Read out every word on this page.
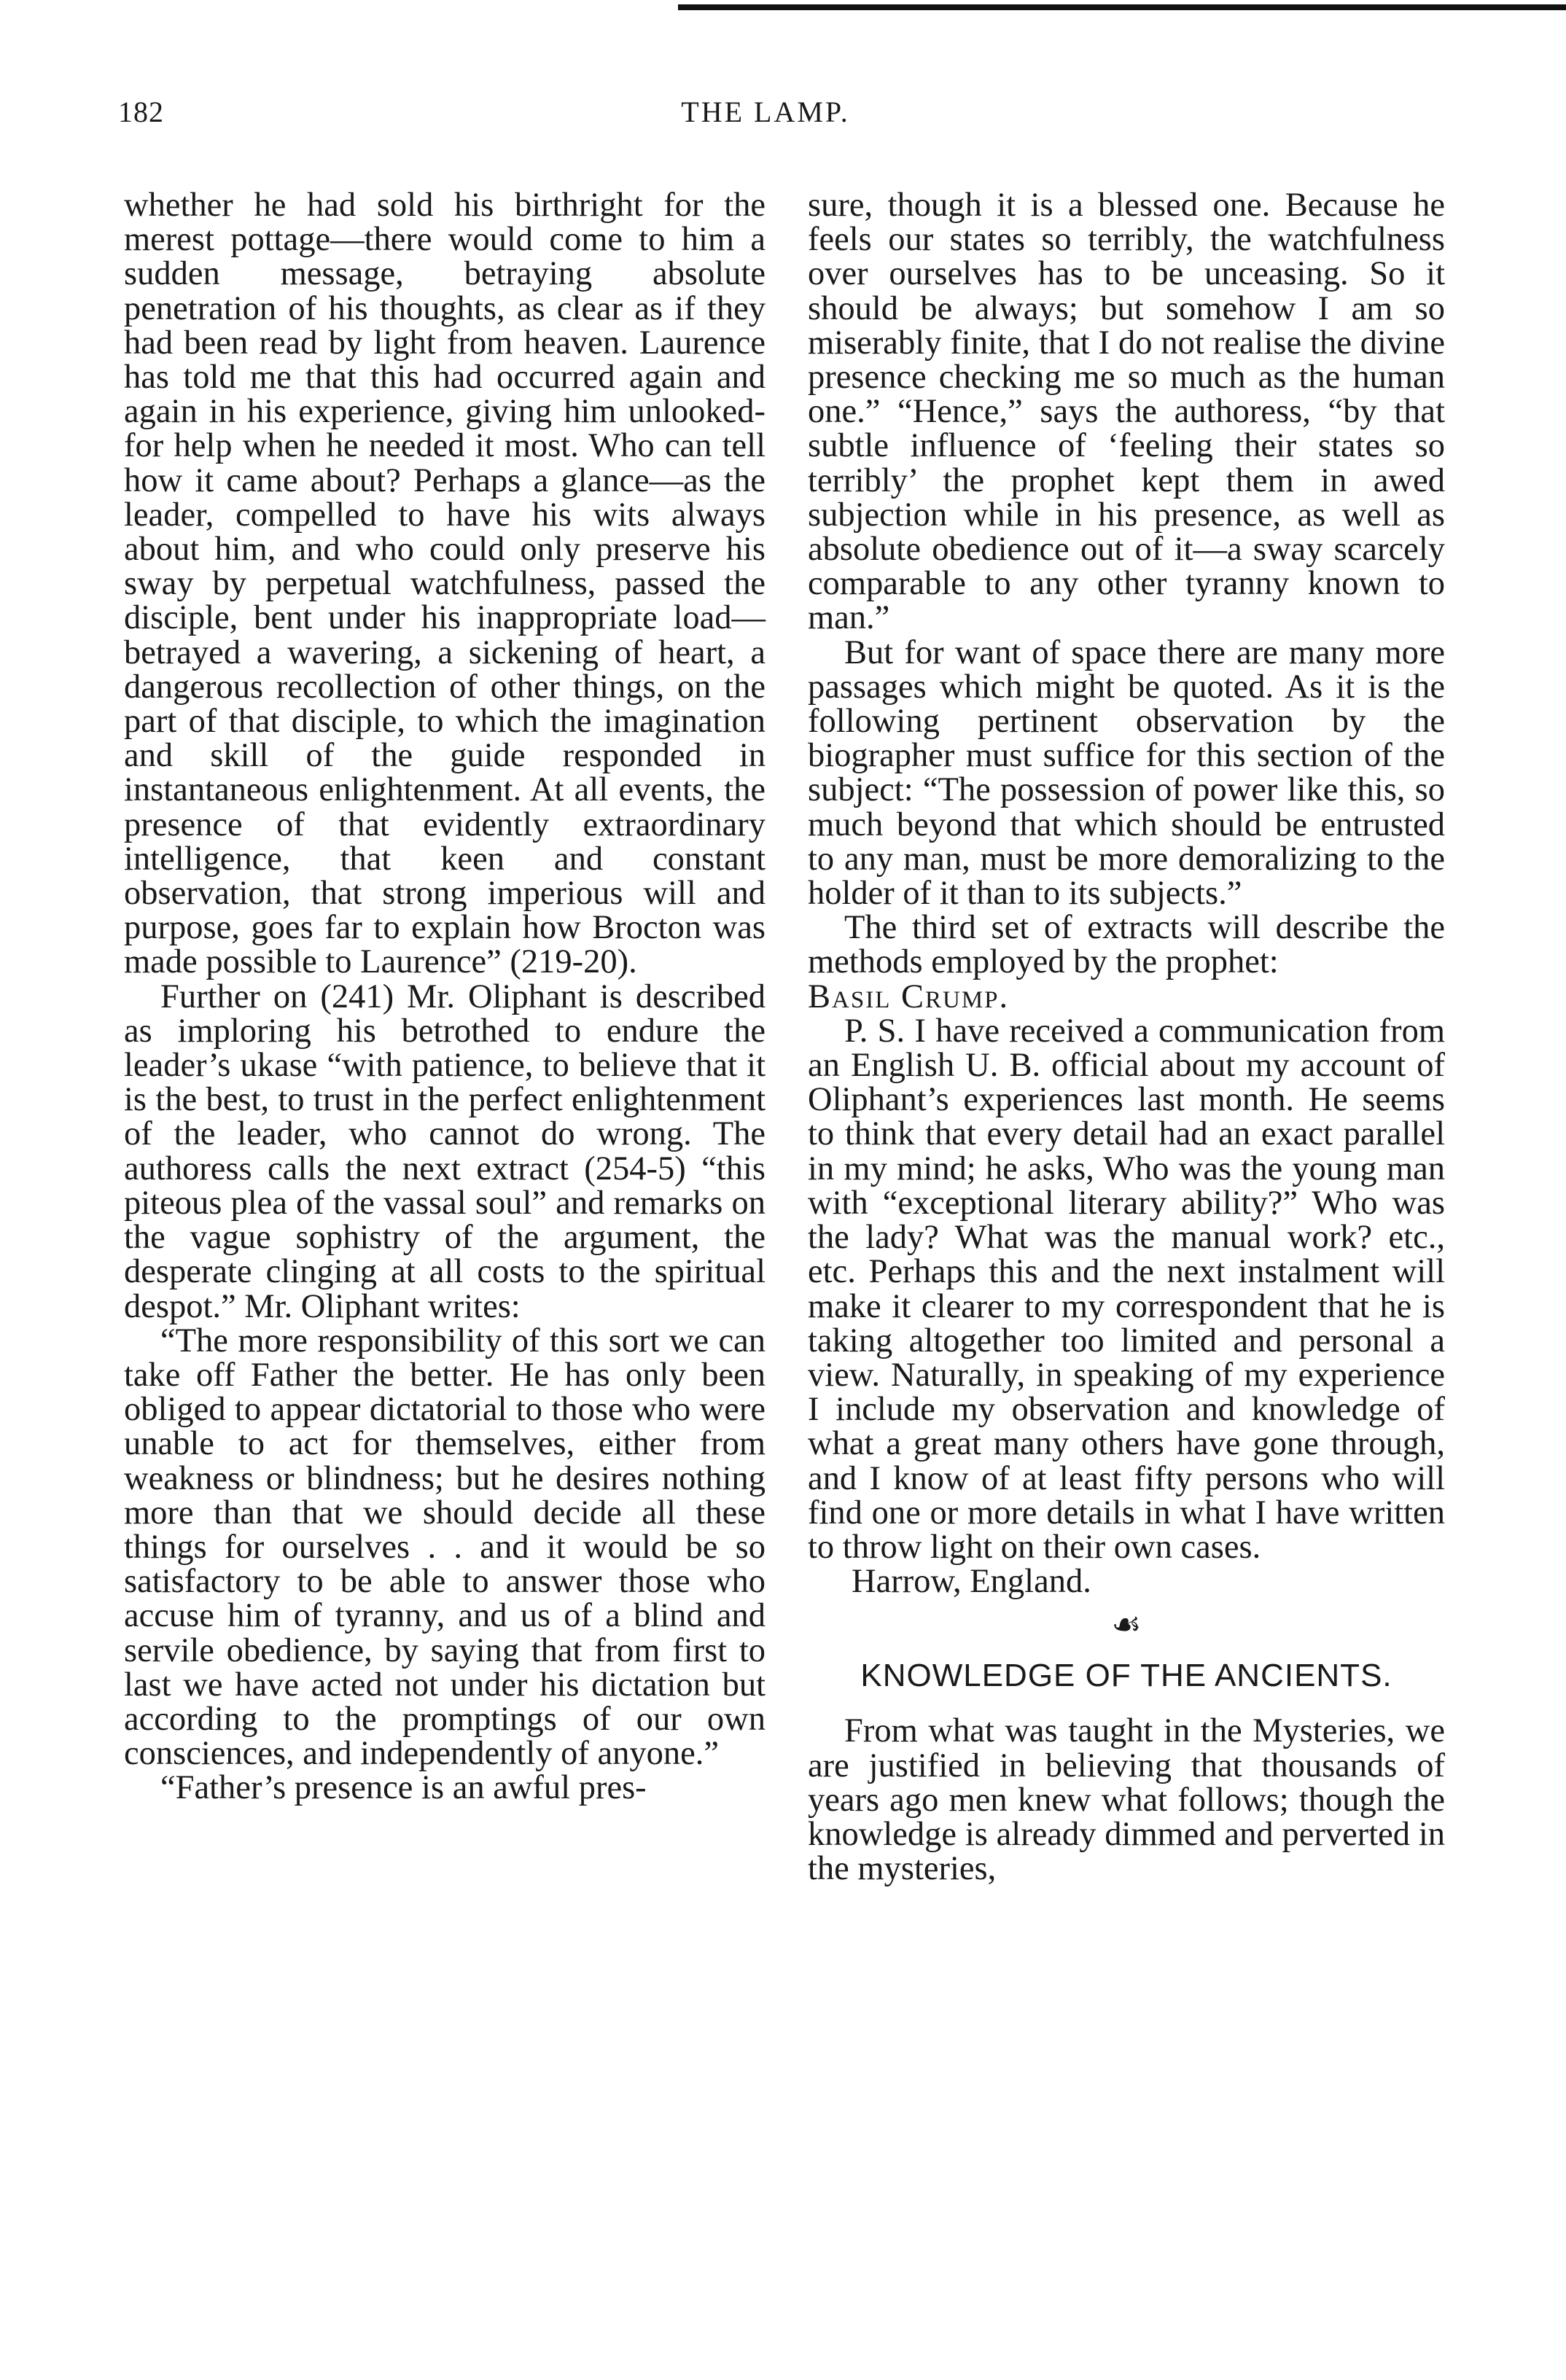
182	THE LAMP.

whether he had sold his birthright for the merest pottage—there would come to him a sudden message, betraying absolute penetration of his thoughts, as clear as if they had been read by light from heaven. Laurence has told me that this had occurred again and again in his experience, giving him unlooked-for help when he needed it most. Who can tell how it came about? Perhaps a glance—as the leader, compelled to have his wits always about him, and who could only preserve his sway by perpetual watchfulness, passed the disciple, bent under his inappropriate load—betrayed a wavering, a sickening of heart, a dangerous recollection of other things, on the part of that disciple, to which the imagination and skill of the guide responded in instantaneous enlightenment. At all events, the presence of that evidently extraordinary intelligence, that keen and constant observation, that strong imperious will and purpose, goes far to explain how Brocton was made possible to Laurence” (219-20).

Further on (241) Mr. Oliphant is described as imploring his betrothed to endure the leader’s ukase “with patience, to believe that it is the best, to trust in the perfect enlightenment of the leader, who cannot do wrong. The authoress calls the next extract (254-5) “this piteous plea of the vassal soul” and remarks on the vague sophistry of the argument, the desperate clinging at all costs to the spiritual despot.” Mr. Oliphant writes:

“The more responsibility of this sort we can take off Father the better. He has only been obliged to appear dictatorial to those who were unable to act for themselves, either from weakness or blindness; but he desires nothing more than that we should decide all these things for ourselves . . and it would be so satisfactory to be able to answer those who accuse him of tyranny, and us of a blind and servile obedience, by saying that from first to last we have acted not under his dictation but according to the promptings of our own consciences, and independently of anyone.”

“Father’s presence is an awful pres-

sure, though it is a blessed one. Because he feels our states so terribly, the watchfulness over ourselves has to be unceasing. So it should be always; but somehow I am so miserably finite, that I do not realise the divine presence checking me so much as the human one.” “Hence,” says the authoress, “by that subtle influence of ‘feeling their states so terribly’ the prophet kept them in awed subjection while in his presence, as well as absolute obedience out of it—a sway scarcely comparable to any other tyranny known to man.”

But for want of space there are many more passages which might be quoted. As it is the following pertinent observation by the biographer must suffice for this section of the subject: “The possession of power like this, so much beyond that which should be entrusted to any man, must be more demoralizing to the holder of it than to its subjects.”

The third set of extracts will describe the methods employed by the prophet:

Basil Crump.

P. S. I have received a communication from an English U. B. official about my account of Oliphant’s experiences last month. He seems to think that every detail had an exact parallel in my mind; he asks, Who was the young man with “exceptional literary ability?” Who was the lady? What was the manual work? etc., etc. Perhaps this and the next instalment will make it clearer to my correspondent that he is taking altogether too limited and personal a view. Naturally, in speaking of my experience I include my observation and knowledge of what a great many others have gone through, and I know of at least fifty persons who will find one or more details in what I have written to throw light on their own cases.

Harrow, England.

☙
KNOWLEDGE OF THE ANCIENTS.

From what was taught in the Mysteries, we are justified in believing that thousands of years ago men knew what follows; though the knowledge is already dimmed and perverted in the mysteries,
